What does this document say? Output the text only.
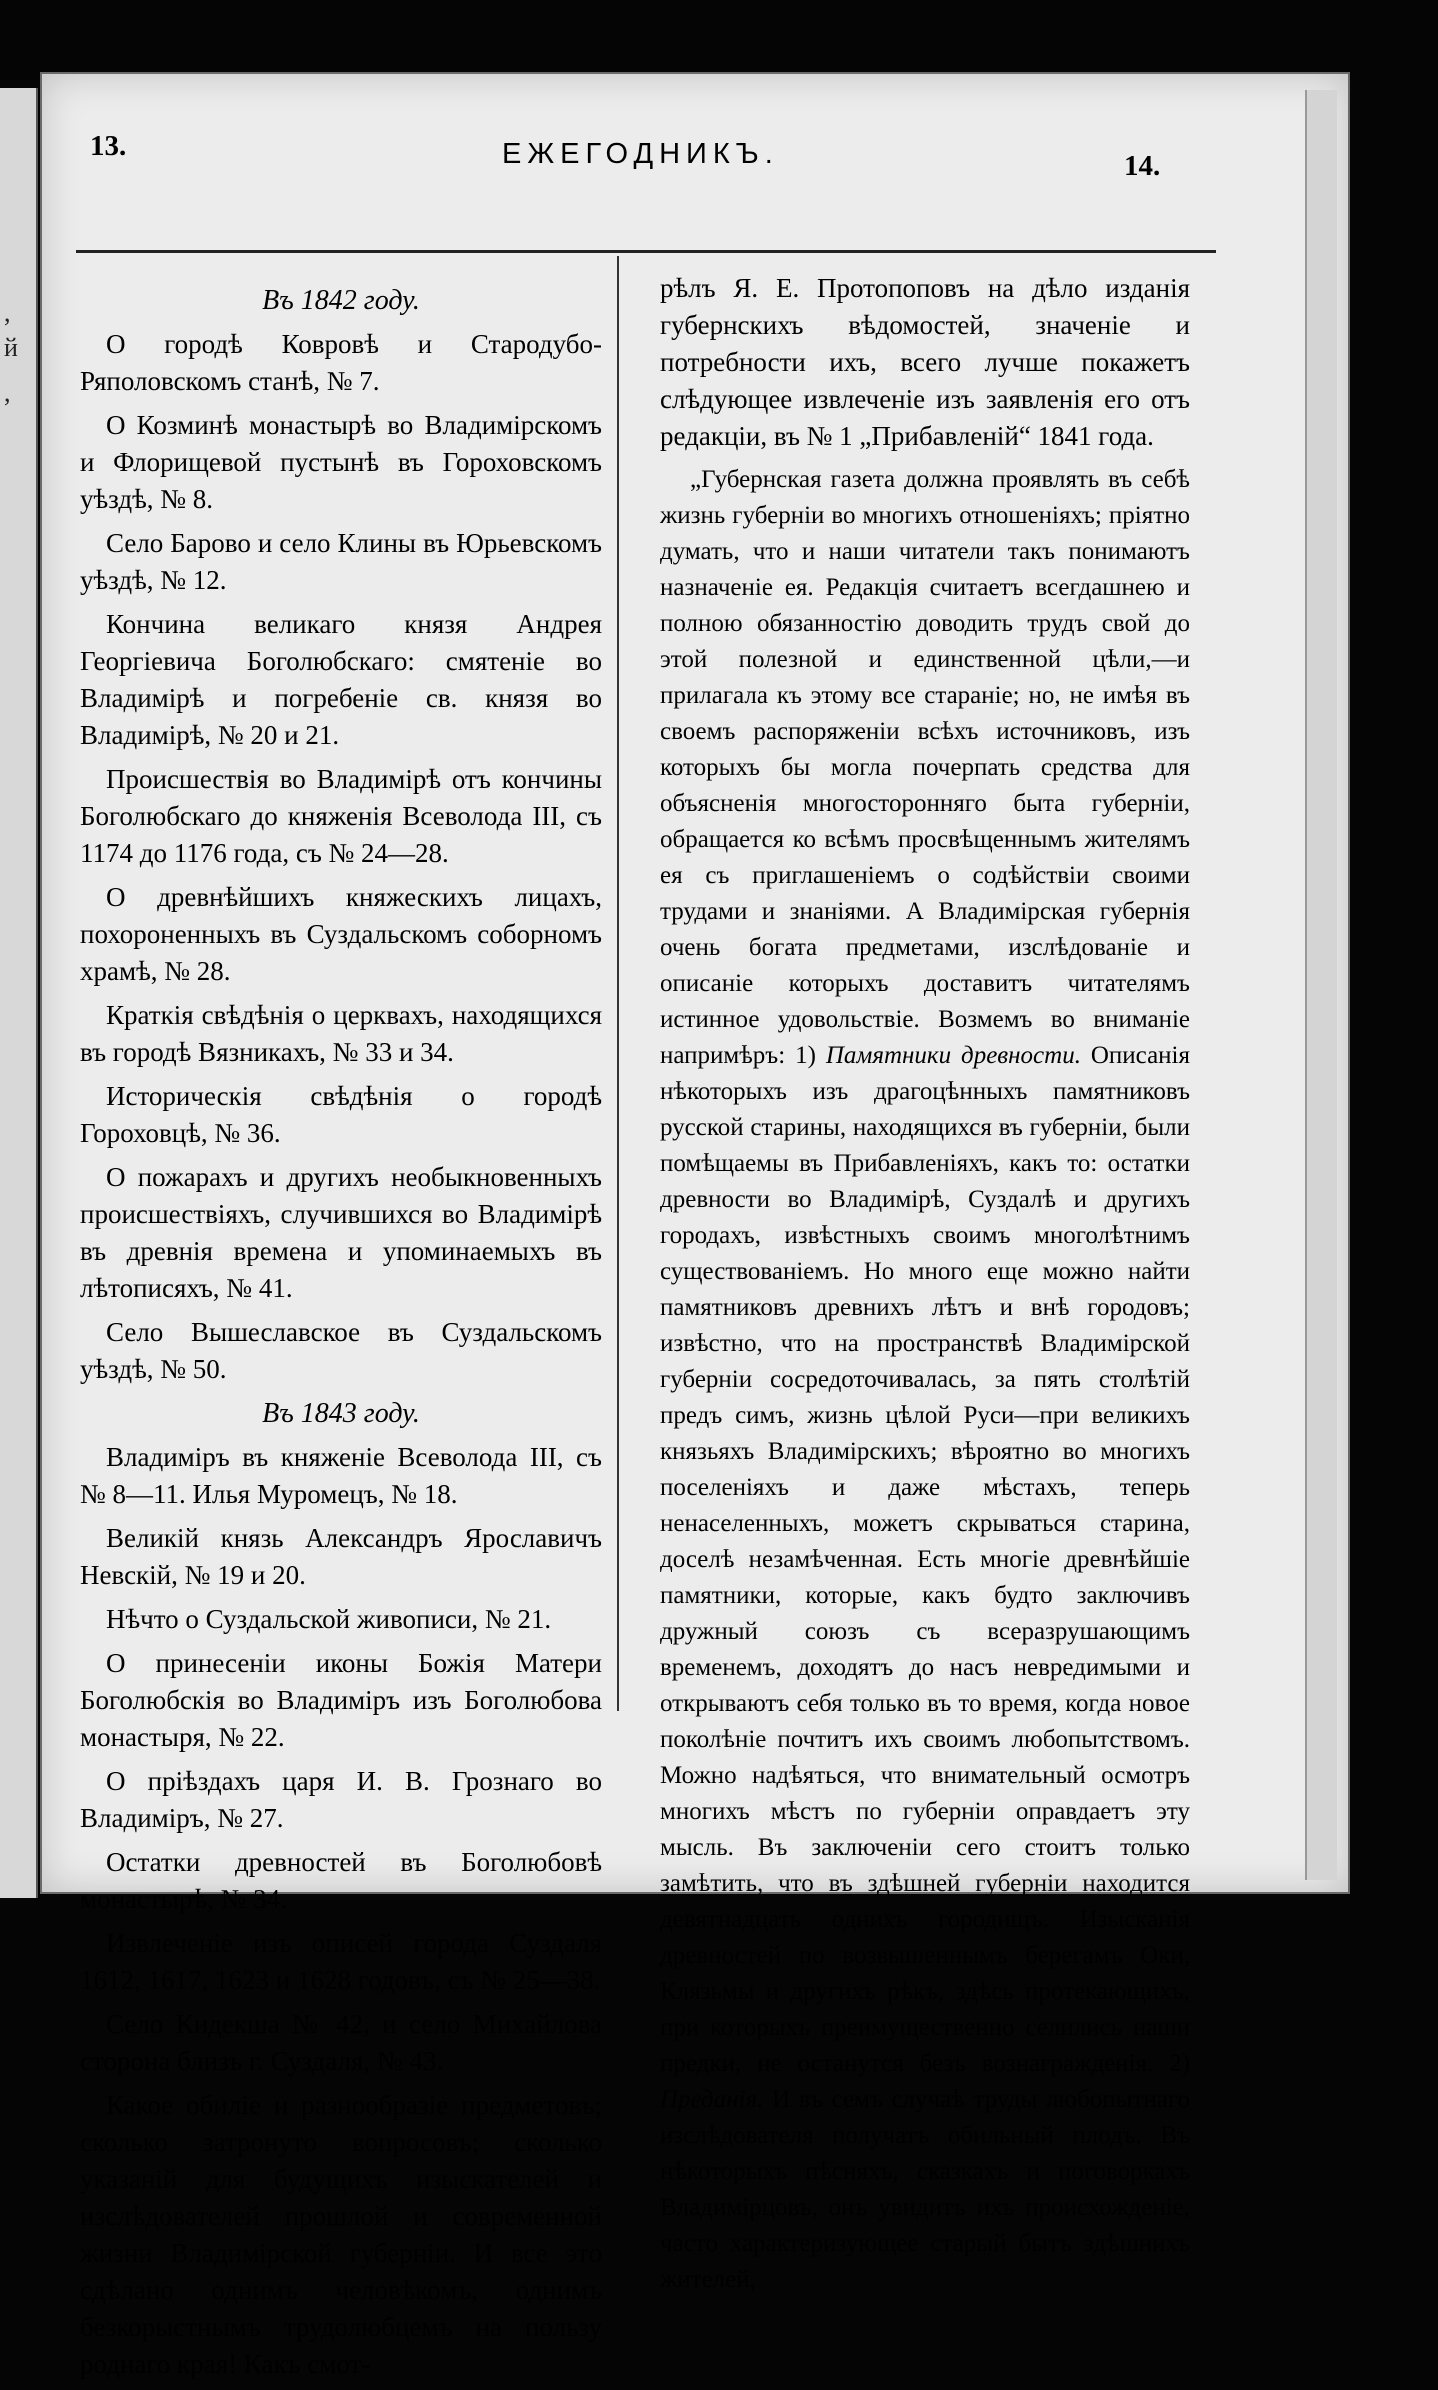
,
й
,
13.	ЕЖЕГОДНИКЪ.	14.

Въ 1842 году.

О городѣ Ковровѣ и Стародубо-Ряполовскомъ станѣ, № 7.

О Козминѣ монастырѣ во Владимірскомъ и Флорищевой пустынѣ въ Гороховскомъ уѣздѣ, № 8.

Село Барово и село Клины въ Юрьевскомъ уѣздѣ, № 12.

Кончина великаго князя Андрея Георгіевича Боголюбскаго: смятеніе во Владимірѣ и погребеніе св. князя во Владимірѣ, № 20 и 21.

Происшествія во Владимірѣ отъ кончины Боголюбскаго до княженія Всеволода III, съ 1174 до 1176 года, съ № 24—28.

О древнѣйшихъ княжескихъ лицахъ, похороненныхъ въ Суздальскомъ соборномъ храмѣ, № 28.

Краткія свѣдѣнія о церквахъ, находящихся въ городѣ Вязникахъ, № 33 и 34.

Историческія свѣдѣнія о городѣ Гороховцѣ, № 36.

О пожарахъ и другихъ необыкновенныхъ происшествіяхъ, случившихся во Владимірѣ въ древнія времена и упоминаемыхъ въ лѣтописяхъ, № 41.

Село Вышеславское въ Суздальскомъ уѣздѣ, № 50.

Въ 1843 году.

Владиміръ въ княженіе Всеволода III, съ № 8—11. Илья Муромецъ, № 18.

Великій князь Александръ Ярославичъ Невскій, № 19 и 20.

Нѣчто о Суздальской живописи, № 21.

О принесеніи иконы Божія Матери Боголюбскія во Владиміръ изъ Боголюбова монастыря, № 22.

О пріѣздахъ царя И. В. Грознаго во Владиміръ, № 27.

Остатки древностей въ Боголюбовѣ монастырѣ, № 34.

Извлеченіе изъ описей города Суздаля 1612, 1617, 1623 и 1628 годовъ, съ № 25—38.

Село Кидекша № 42, и село Михайлова сторона близъ г. Суздаля, № 43.

Какое обиліе и разнообразіе предметовъ; сколько затронуто вопросовъ; сколько указаній для будущихъ изыскателей и изслѣдователей прошлой и современной жизни Владимірской губерніи. И все это сдѣлано однимъ человѣкомъ, однимъ безкорыстнымъ трудолюбцемъ на пользу роднаго края! Какъ смот-

рѣлъ Я. Е. Протопоповъ на дѣло изданія губернскихъ вѣдомостей, значеніе и потребности ихъ, всего лучше покажетъ слѣдующее извлеченіе изъ заявленія его отъ редакціи, въ № 1 „Прибавленій“ 1841 года.

„Губернская газета должна проявлять въ себѣ жизнь губерніи во многихъ отношеніяхъ; пріятно думать, что и наши читатели такъ понимаютъ назначеніе ея. Редакція считаетъ всегдашнею и полною обязанностію доводить трудъ свой до этой полезной и единственной цѣли,—и прилагала къ этому все стараніе; но, не имѣя въ своемъ распоряженіи всѣхъ источниковъ, изъ которыхъ бы могла почерпать средства для объясненія многосторонняго быта губерніи, обращается ко всѣмъ просвѣщеннымъ жителямъ ея съ приглашеніемъ о содѣйствіи своими трудами и знаніями. А Владимірская губернія очень богата предметами, изслѣдованіе и описаніе которыхъ доставитъ читателямъ истинное удовольствіе. Возмемъ во вниманіе напримѣръ: 1) Памятники древности. Описанія нѣкоторыхъ изъ драгоцѣнныхъ памятниковъ русской старины, находящихся въ губерніи, были помѣщаемы въ Прибавленіяхъ, какъ то: остатки древности во Владимірѣ, Суздалѣ и другихъ городахъ, извѣстныхъ своимъ многолѣтнимъ существованіемъ. Но много еще можно найти памятниковъ древнихъ лѣтъ и внѣ городовъ; извѣстно, что на пространствѣ Владимірской губерніи сосредоточивалась, за пять столѣтій предъ симъ, жизнь цѣлой Руси—при великихъ князьяхъ Владимірскихъ; вѣроятно во многихъ поселеніяхъ и даже мѣстахъ, теперь ненаселенныхъ, можетъ скрываться старина, доселѣ незамѣченная. Есть многіе древнѣйшіе памятники, которые, какъ будто заключивъ дружный союзъ съ всеразрушающимъ временемъ, доходятъ до насъ невредимыми и открываютъ себя только въ то время, когда новое поколѣніе почтитъ ихъ своимъ любопытствомъ. Можно надѣяться, что внимательный осмотръ многихъ мѣстъ по губерніи оправдаетъ эту мысль. Въ заключеніи сего стоитъ только замѣтить, что въ здѣшней губерніи находится девятнадцать однихъ городищъ. Изысканія древностей по возвышеннымъ берегамъ Оки, Клязьмы и другихъ рѣкъ, здѣсь протекающихъ, при которыхъ преимущественно селились наши предки, не останутся безъ вознагражденія. 2) Преданія. И въ семъ случаѣ труды любопытнаго изслѣдователя получатъ обильный плодъ. Въ нѣкоторыхъ пѣсняхъ, сказкахъ и поговоркахъ Владимірцовъ, онъ увидитъ ихъ происхожденіе, часто характеризующее старый бытъ здѣшнихъ жителей,
